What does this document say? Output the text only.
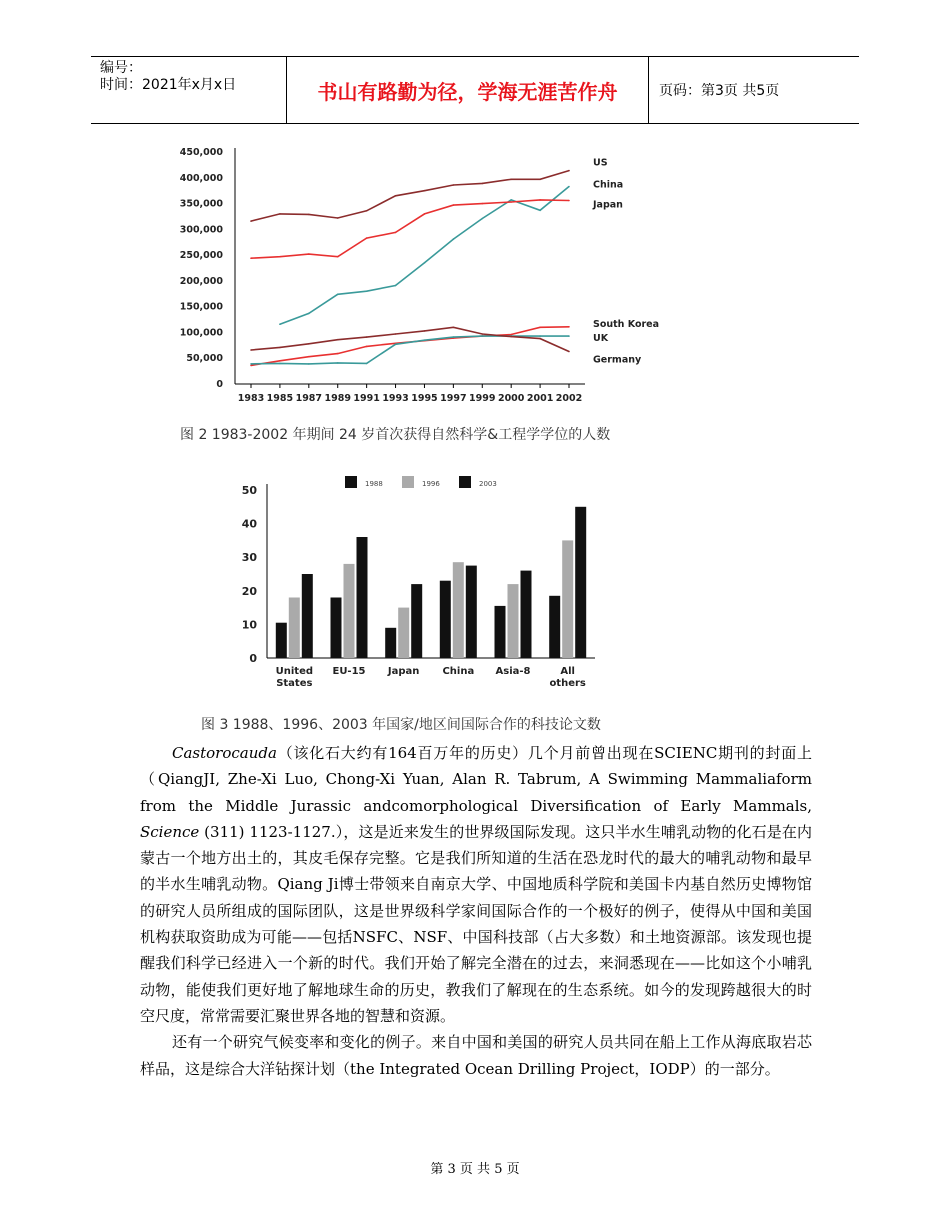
编号：
时间：2021年x月x日	书山有路勤为径，学海无涯苦作舟	页码：第3页 共5页
0
50,000
100,000
150,000
200,000
250,000
300,000
350,000
400,000
450,000
1983 1985 1987 1989 1991 1993 1995 1997 1999 2000 2001 2002
US
China
Japan
South Korea
UK
Germany
图 2 1983-2002 年期间 24 岁首次获得自然科学&工程学学位的人数
0
10
20
30
40
50
United
States
EU-15 Japan China Asia-8	All
others
1988	1996	2003
图 3 1988、1996、2003 年国家/地区间国际合作的科技论文数

Castorocauda（该化石大约有164百万年的历史）几个月前曾出现在SCIENC期刊的封面上（QiangJI, Zhe-Xi Luo, Chong-Xi Yuan, Alan R. Tabrum, A Swimming Mammaliaform from the Middle Jurassic andcomorphological Diversification of Early Mammals, Science (311) 1123-1127.），这是近来发生的世界级国际发现。这只半水生哺乳动物的化石是在内蒙古一个地方出土的，其皮毛保存完整。它是我们所知道的生活在恐龙时代的最大的哺乳动物和最早的半水生哺乳动物。Qiang Ji博士带领来自南京大学、中国地质科学院和美国卡内基自然历史博物馆的研究人员所组成的国际团队，这是世界级科学家间国际合作的一个极好的例子，使得从中国和美国机构获取资助成为可能——包括NSFC、NSF、中国科技部（占大多数）和土地资源部。该发现也提醒我们科学已经进入一个新的时代。我们开始了解完全潜在的过去，来洞悉现在——比如这个小哺乳动物，能使我们更好地了解地球生命的历史，教我们了解现在的生态系统。如今的发现跨越很大的时空尺度，常常需要汇聚世界各地的智慧和资源。

还有一个研究气候变率和变化的例子。来自中国和美国的研究人员共同在船上工作从海底取岩芯样品，这是综合大洋钻探计划（the Integrated Ocean Drilling Project，IODP）的一部分。

第 3 页 共 5 页
